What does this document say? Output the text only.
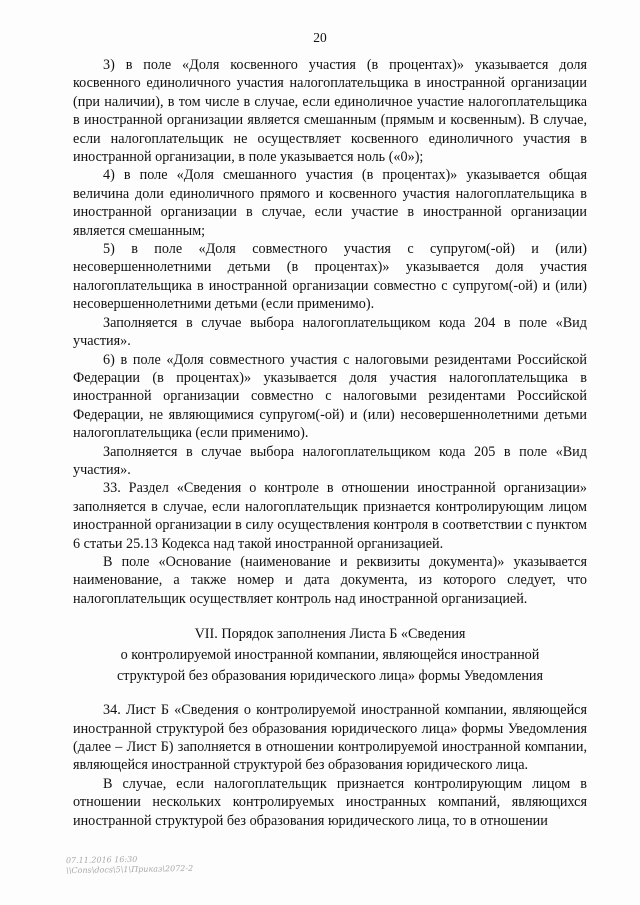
20

3) в поле «Доля косвенного участия (в процентах)» указывается доля косвенного единоличного участия налогоплательщика в иностранной организации (при наличии), в том числе в случае, если единоличное участие налогоплательщика в иностранной организации является смешанным (прямым и косвенным). В случае, если налогоплательщик не осуществляет косвенного единоличного участия в иностранной организации, в поле указывается ноль («0»);

4) в поле «Доля смешанного участия (в процентах)» указывается общая величина доли единоличного прямого и косвенного участия налогоплательщика в иностранной организации в случае, если участие в иностранной организации является смешанным;

5) в поле «Доля совместного участия с супругом(-ой) и (или) несовершеннолетними детьми (в процентах)» указывается доля участия налогоплательщика в иностранной организации совместно с супругом(-ой) и (или) несовершеннолетними детьми (если применимо).

Заполняется в случае выбора налогоплательщиком кода 204 в поле «Вид участия».

6) в поле «Доля совместного участия с налоговыми резидентами Российской Федерации (в процентах)» указывается доля участия налогоплательщика в иностранной организации совместно с налоговыми резидентами Российской Федерации, не являющимися супругом(-ой) и (или) несовершеннолетними детьми налогоплательщика (если применимо).

Заполняется в случае выбора налогоплательщиком кода 205 в поле «Вид участия».

33. Раздел «Сведения о контроле в отношении иностранной организации» заполняется в случае, если налогоплательщик признается контролирующим лицом иностранной организации в силу осуществления контроля в соответствии с пунктом 6 статьи 25.13 Кодекса над такой иностранной организацией.

В поле «Основание (наименование и реквизиты документа)» указывается наименование, а также номер и дата документа, из которого следует, что налогоплательщик осуществляет контроль над иностранной организацией.

VII. Порядок заполнения Листа Б «Сведения
о контролируемой иностранной компании, являющейся иностранной
структурой без образования юридического лица» формы Уведомления

34. Лист Б «Сведения о контролируемой иностранной компании, являющейся иностранной структурой без образования юридического лица» формы Уведомления (далее – Лист Б) заполняется в отношении контролируемой иностранной компании, являющейся иностранной структурой без образования юридического лица.

В случае, если налогоплательщик признается контролирующим лицом в отношении нескольких контролируемых иностранных компаний, являющихся иностранной структурой без образования юридического лица, то в отношении

07.11.2016 16:30
\\Cons\docs\5\1\Приказ\2072-2
